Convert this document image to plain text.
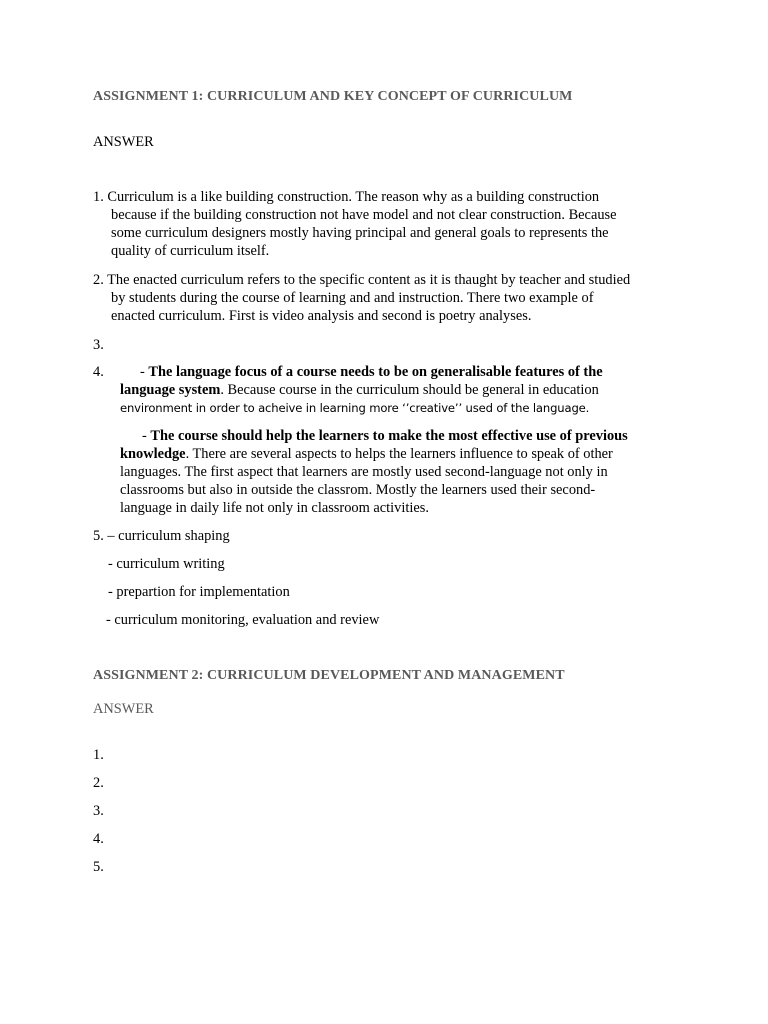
ASSIGNMENT 1: CURRICULUM AND KEY CONCEPT OF CURRICULUM
ANSWER
1. Curriculum is a like building construction. The reason why as a building construction
because if the building construction not have model and not clear construction. Because
some curriculum designers mostly having principal and general goals to represents the
quality of curriculum itself.
2. The enacted curriculum refers to the specific content as it is thaught by teacher and studied
by students during the course of learning and and instruction. There two example of
enacted curriculum. First is video analysis and second is poetry analyses.
3.
4.	- The language focus of a course needs to be on generalisable features of the
language system. Because course in the curriculum should be general in education
environment in order to acheive in learning more ‘’creative’’ used of the language.
- The course should help the learners to make the most effective use of previous
knowledge. There are several aspects to helps the learners influence to speak of other
languages. The first aspect that learners are mostly used second-language not only in
classrooms but also in outside the classrom. Mostly the learners used their second-
language in daily life not only in classroom activities.
5. – curriculum shaping
- curriculum writing
- prepartion for implementation
- curriculum monitoring, evaluation and review
ASSIGNMENT 2: CURRICULUM DEVELOPMENT AND MANAGEMENT
ANSWER
1.
2.
3.
4.
5.
